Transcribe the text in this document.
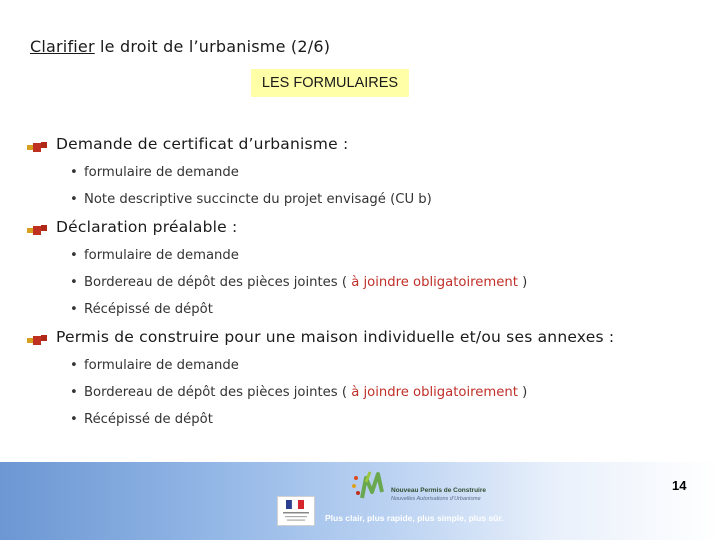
Clarifier le droit de l’urbanisme (2/6)
LES FORMULAIRES
Demande de certificat d’urbanisme :
• formulaire de demande
• Note descriptive succincte du projet envisagé (CU b)
Déclaration préalable :
• formulaire de demande
• Bordereau de dépôt des pièces jointes ( à joindre obligatoirement )
• Récépissé de dépôt
Permis de construire pour une maison individuelle et/ou ses annexes :
• formulaire de demande
• Bordereau de dépôt des pièces jointes ( à joindre obligatoirement )
• Récépissé de dépôt
Nouveau Permis de Construire
Nouvelles Autorisations d’Urbanisme
Plus clair, plus rapide, plus simple, plus sûr.
14
